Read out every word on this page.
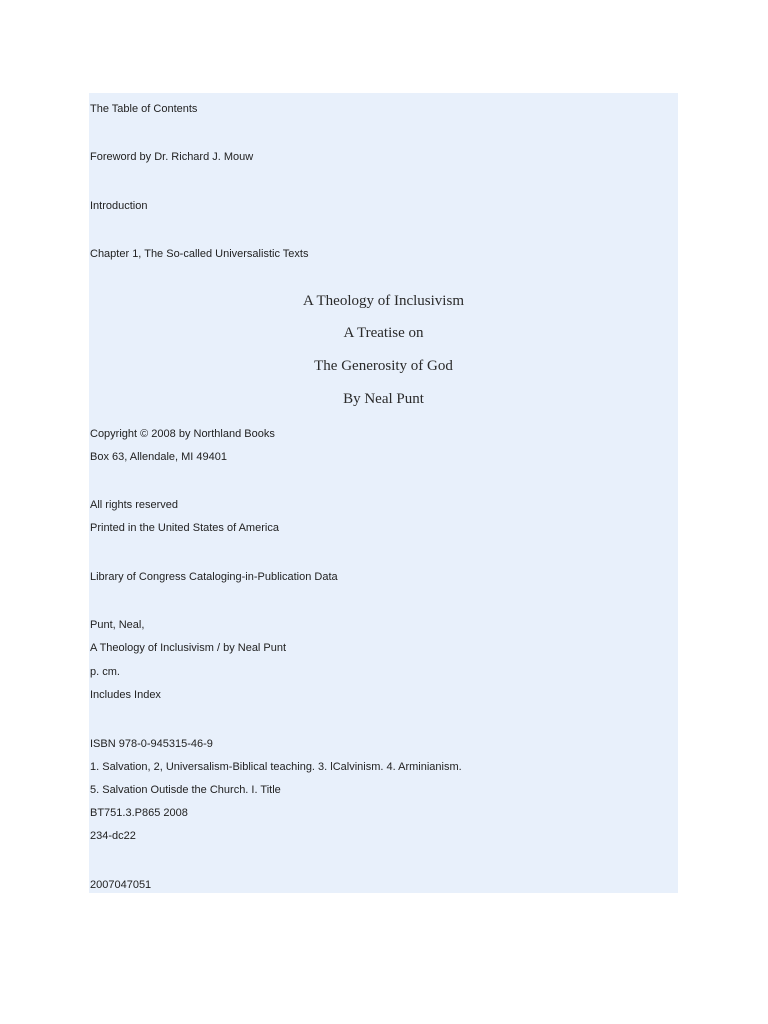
The Table of Contents
Foreword by Dr. Richard J. Mouw
Introduction
Chapter 1, The So-called Universalistic Texts
A Theology of Inclusivism
A Treatise on
The Generosity of God
By Neal Punt
Copyright © 2008 by Northland Books
Box 63, Allendale, MI 49401
All rights reserved
Printed in the United States of America
Library of Congress Cataloging-in-Publication Data
Punt, Neal,
A Theology of Inclusivism / by Neal Punt
p. cm.
Includes Index
ISBN 978-0-945315-46-9
1. Salvation, 2, Universalism-Biblical teaching. 3. lCalvinism. 4. Arminianism.
5. Salvation Outisde the Church. I. Title
BT751.3.P865 2008
234-dc22
2007047051
